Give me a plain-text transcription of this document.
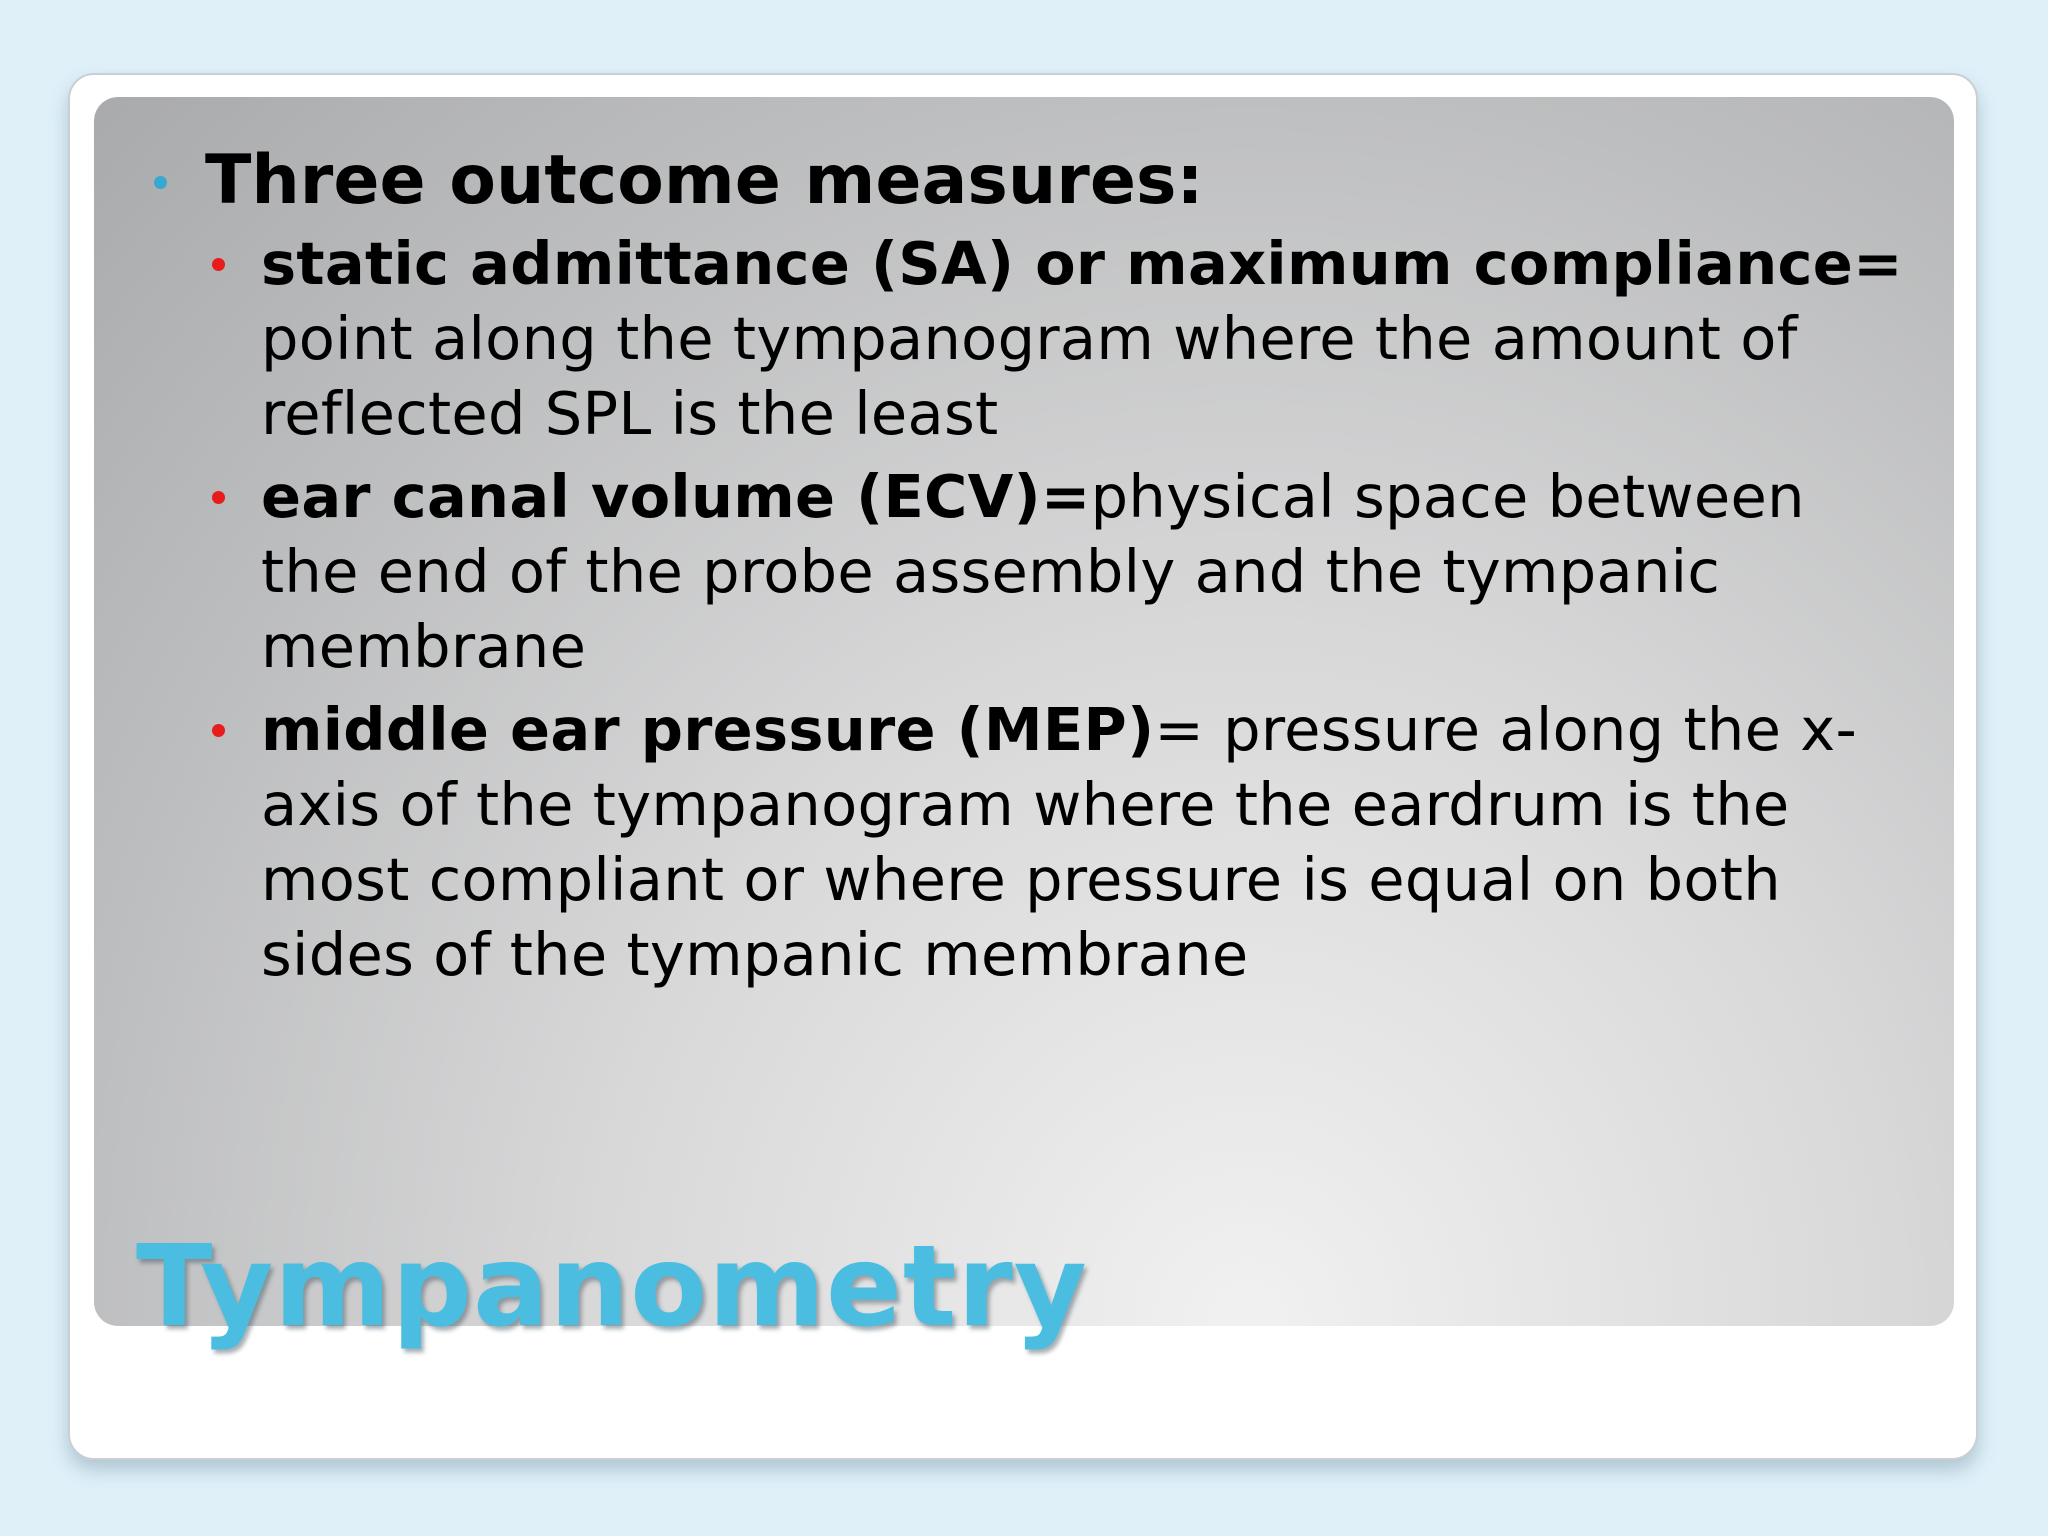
Three outcome measures:
static admittance (SA) or maximum compliance= point along the tympanogram where the amount of reflected SPL is the least
ear canal volume (ECV)=physical space between the end of the probe assembly and the tympanic membrane
middle ear pressure (MEP)= pressure along the x-axis of the tympanogram where the eardrum is the most compliant or where pressure is equal on both sides of the tympanic membrane
Tympanometry
